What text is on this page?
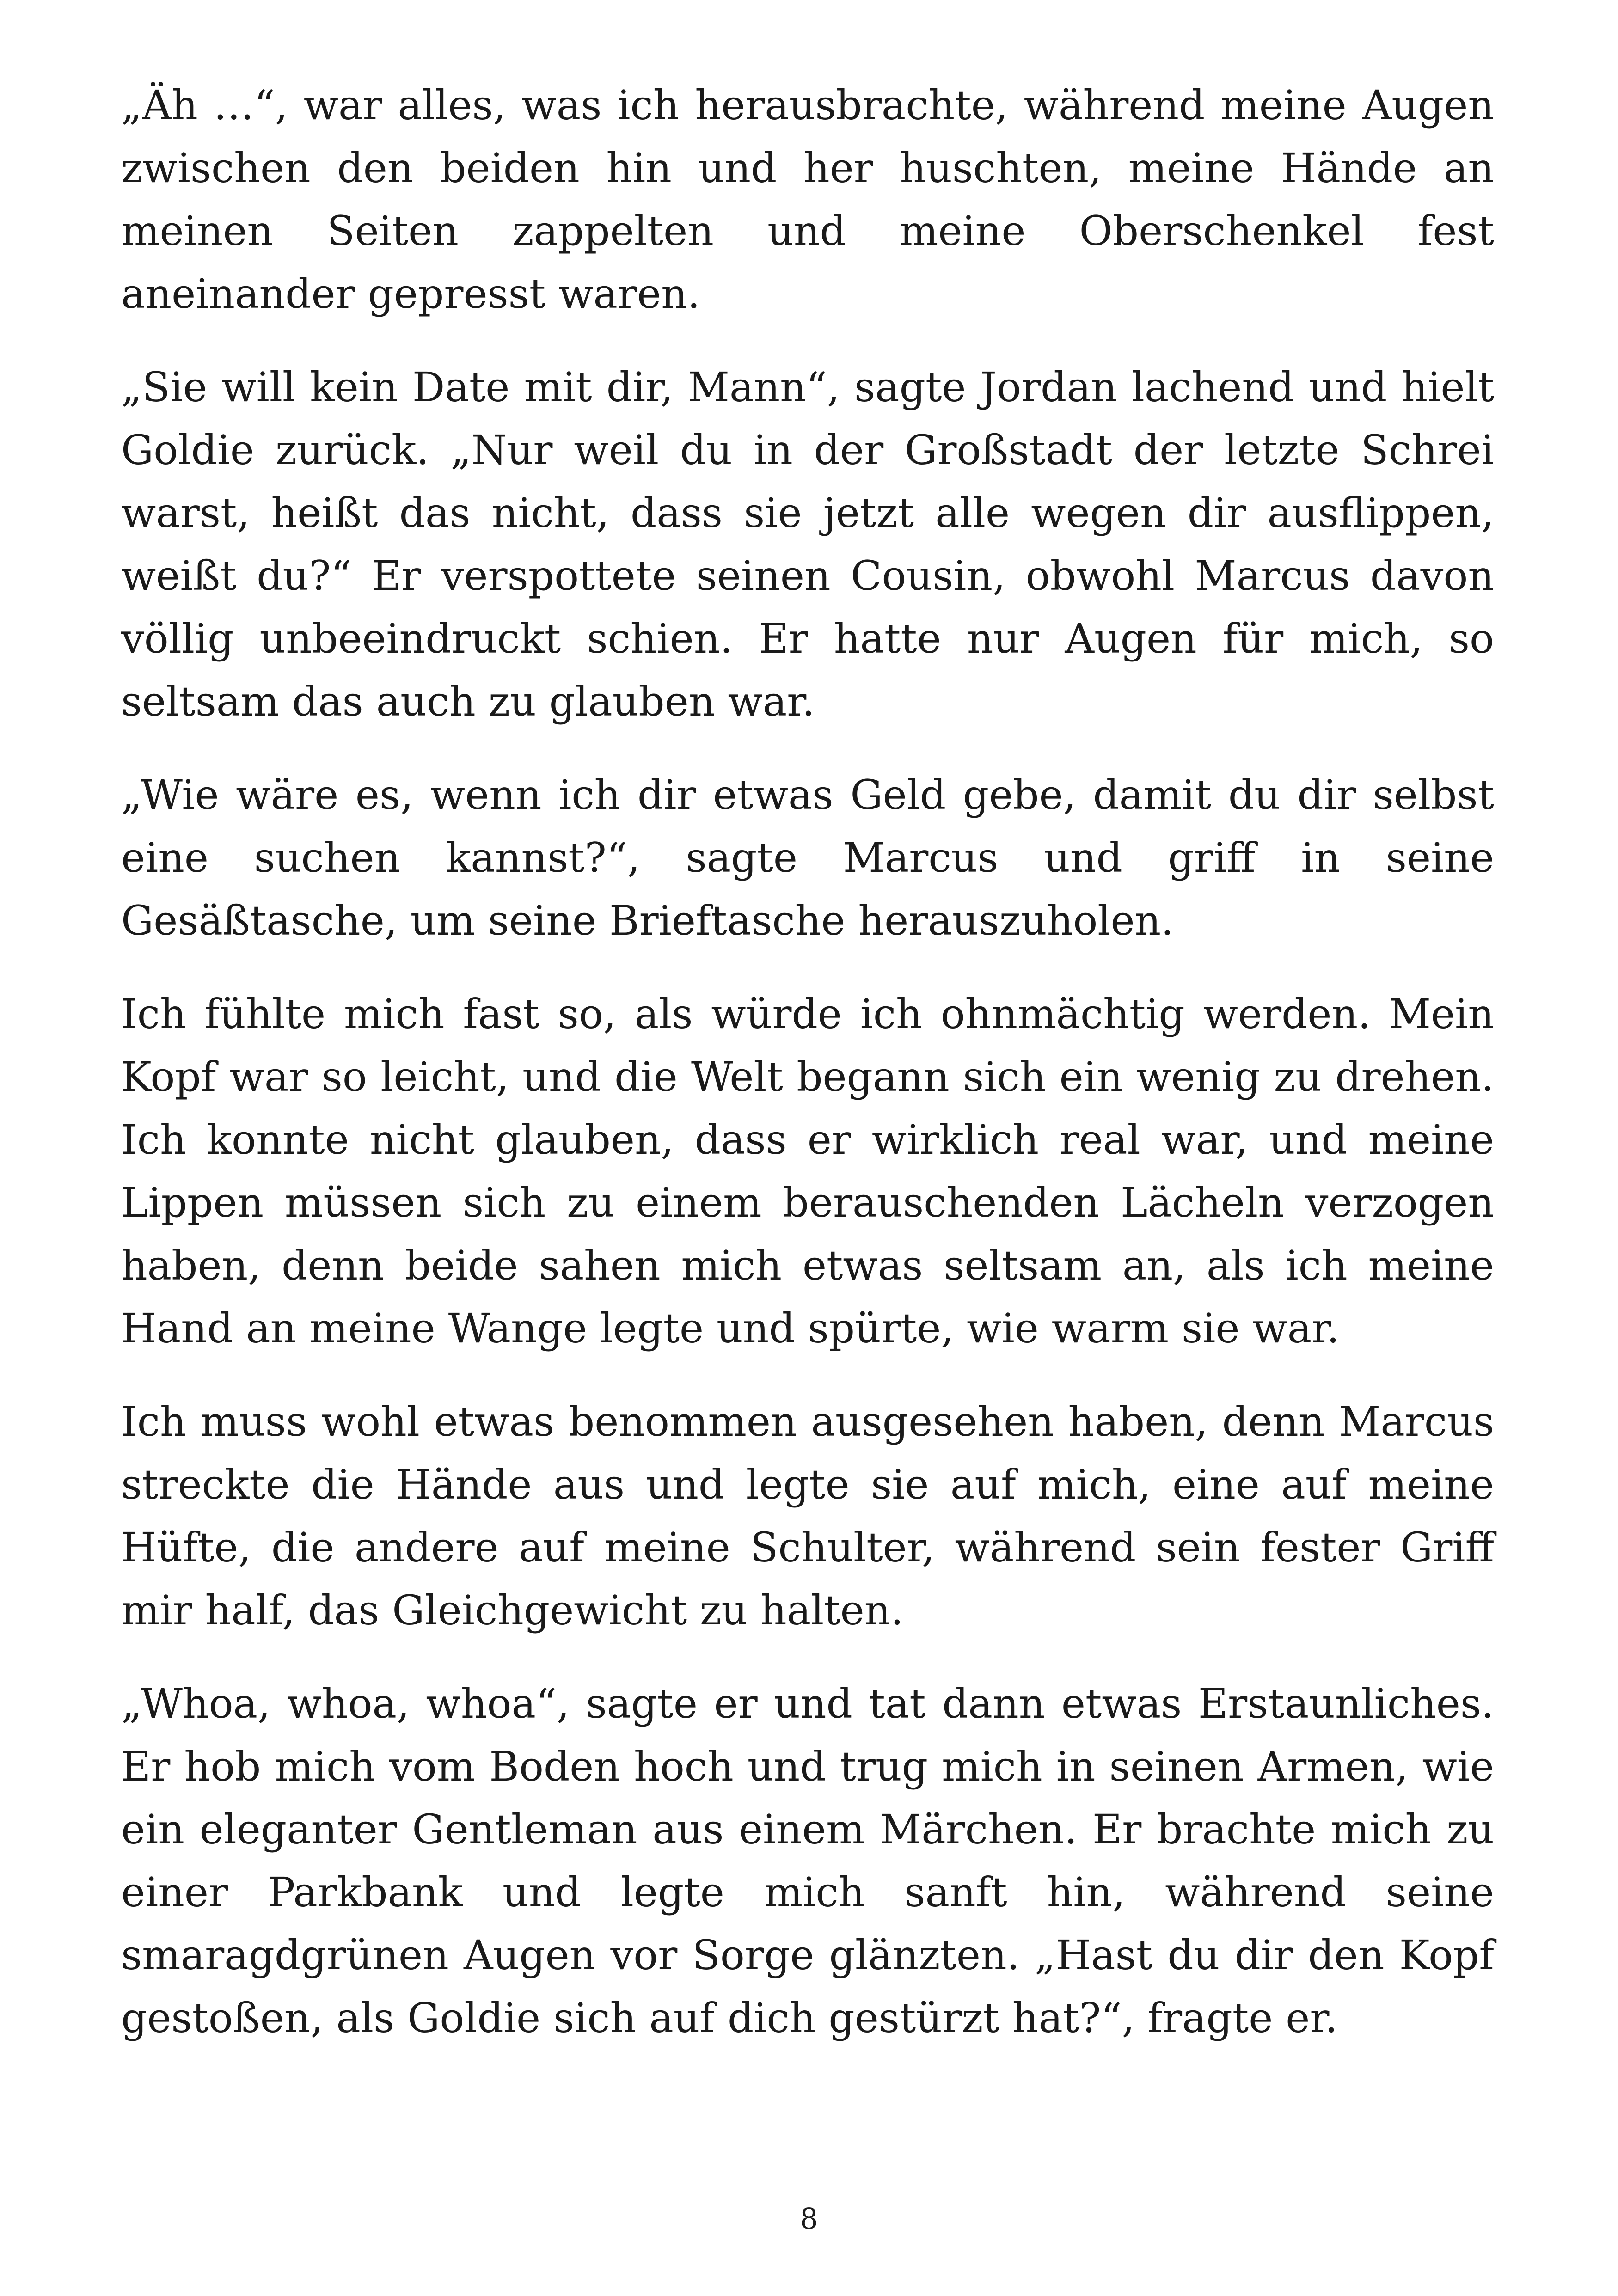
„Äh …“, war alles, was ich herausbrachte, während meine Augen zwischen den beiden hin und her huschten, meine Hände an meinen Seiten zappelten und meine Oberschenkel fest aneinander gepresst waren.

„Sie will kein Date mit dir, Mann“, sagte Jordan lachend und hielt Goldie zurück. „Nur weil du in der Großstadt der letzte Schrei warst, heißt das nicht, dass sie jetzt alle wegen dir ausflippen, weißt du?“ Er verspottete seinen Cousin, obwohl Marcus davon völlig unbeeindruckt schien. Er hatte nur Augen für mich, so seltsam das auch zu glauben war.

„Wie wäre es, wenn ich dir etwas Geld gebe, damit du dir selbst eine suchen kannst?“, sagte Marcus und griff in seine Gesäßtasche, um seine Brieftasche herauszuholen.

Ich fühlte mich fast so, als würde ich ohnmächtig werden. Mein Kopf war so leicht, und die Welt begann sich ein wenig zu drehen. Ich konnte nicht glauben, dass er wirklich real war, und meine Lippen müssen sich zu einem berauschenden Lächeln verzogen haben, denn beide sahen mich etwas seltsam an, als ich meine Hand an meine Wange legte und spürte, wie warm sie war.

Ich muss wohl etwas benommen ausgesehen haben, denn Marcus streckte die Hände aus und legte sie auf mich, eine auf meine Hüfte, die andere auf meine Schulter, während sein fester Griff mir half, das Gleichgewicht zu halten.

„Whoa, whoa, whoa“, sagte er und tat dann etwas Erstaunliches. Er hob mich vom Boden hoch und trug mich in seinen Armen, wie ein eleganter Gentleman aus einem Märchen. Er brachte mich zu einer Parkbank und legte mich sanft hin, während seine smaragdgrünen Augen vor Sorge glänzten. „Hast du dir den Kopf gestoßen, als Goldie sich auf dich gestürzt hat?“, fragte er.

8
